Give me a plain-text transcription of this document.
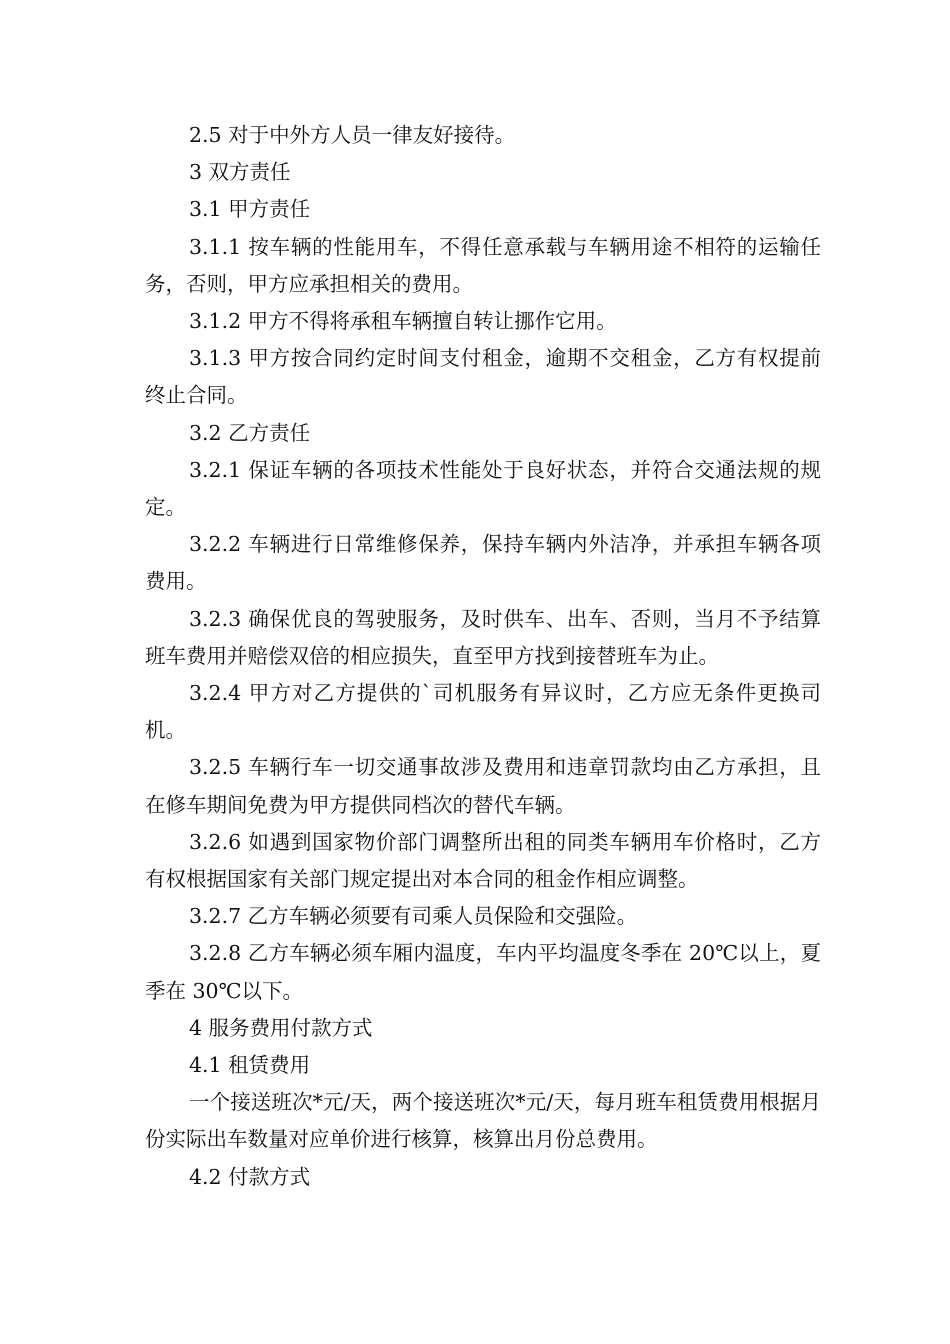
2.5 对于中外方人员一律友好接待。

3 双方责任

3.1 甲方责任

3.1.1 按车辆的性能用车，不得任意承载与车辆用途不相符的运输任务，否则，甲方应承担相关的费用。

3.1.2 甲方不得将承租车辆擅自转让挪作它用。

3.1.3 甲方按合同约定时间支付租金，逾期不交租金，乙方有权提前终止合同。

3.2 乙方责任

3.2.1 保证车辆的各项技术性能处于良好状态，并符合交通法规的规定。

3.2.2 车辆进行日常维修保养，保持车辆内外洁净，并承担车辆各项费用。

3.2.3 确保优良的驾驶服务，及时供车、出车、否则，当月不予结算班车费用并赔偿双倍的相应损失，直至甲方找到接替班车为止。

3.2.4 甲方对乙方提供的`司机服务有异议时，乙方应无条件更换司机。

3.2.5 车辆行车一切交通事故涉及费用和违章罚款均由乙方承担，且在修车期间免费为甲方提供同档次的替代车辆。

3.2.6 如遇到国家物价部门调整所出租的同类车辆用车价格时，乙方有权根据国家有关部门规定提出对本合同的租金作相应调整。

3.2.7 乙方车辆必须要有司乘人员保险和交强险。

3.2.8 乙方车辆必须车厢内温度，车内平均温度冬季在 20℃以上，夏季在 30℃以下。

4 服务费用付款方式

4.1 租赁费用

一个接送班次*元/天，两个接送班次*元/天，每月班车租赁费用根据月份实际出车数量对应单价进行核算，核算出月份总费用。

4.2 付款方式
